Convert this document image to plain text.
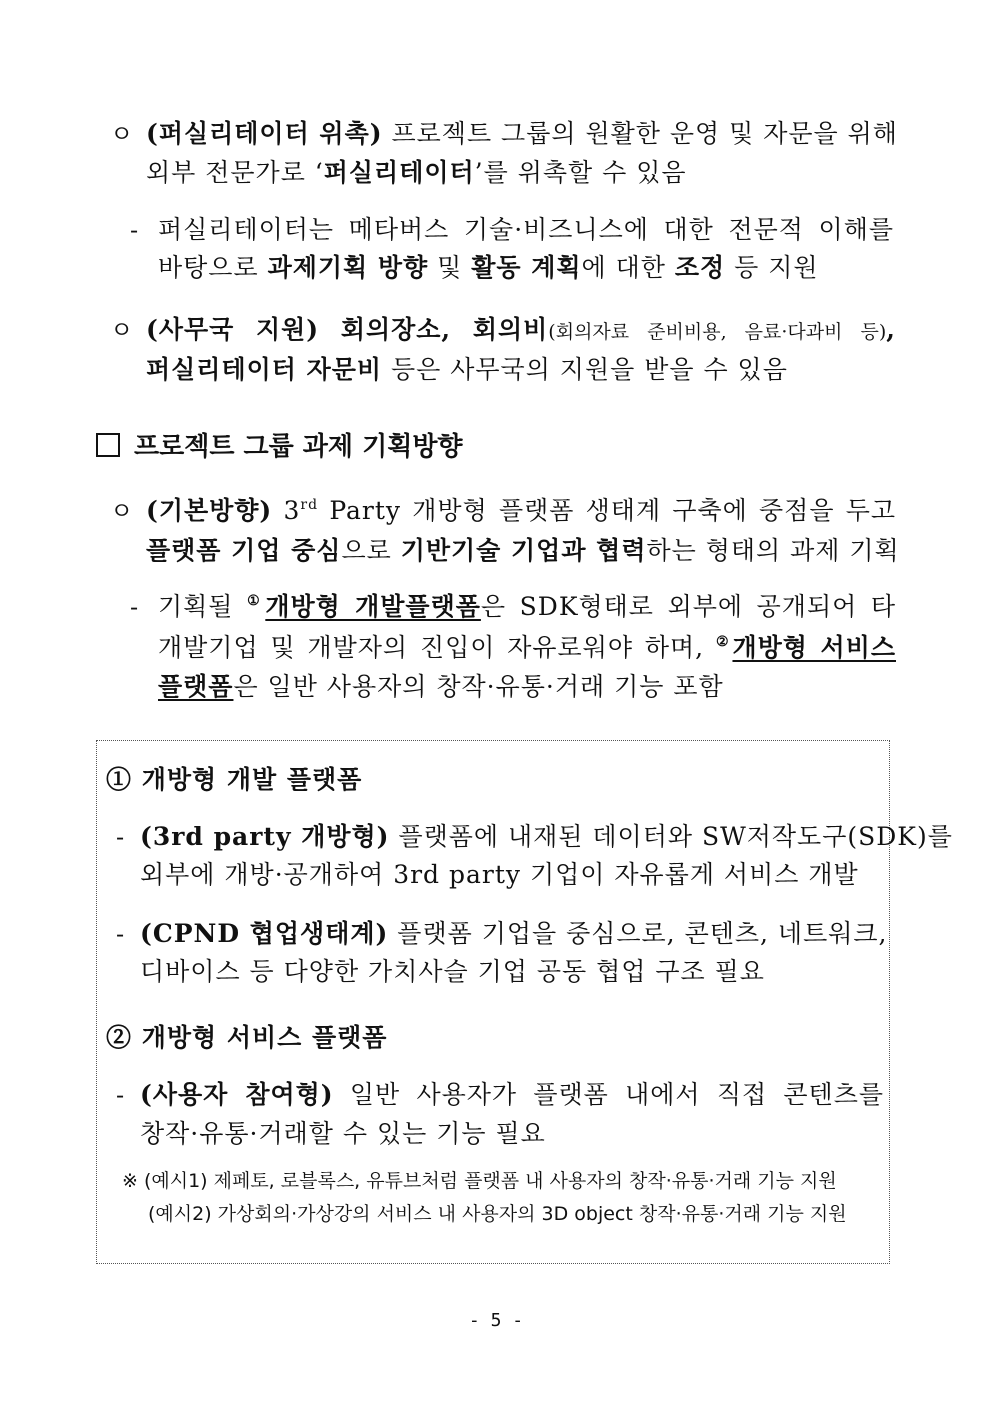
ㅇ (퍼실리테이터 위촉) 프로젝트 그룹의 원활한 운영 및 자문을 위해
외부 전문가로 ‘퍼실리테이터’를 위촉할 수 있음
- 퍼실리테이터는 메타버스 기술·비즈니스에 대한 전문적 이해를
바탕으로 과제기획 방향 및 활동 계획에 대한 조정 등 지원
ㅇ (사무국 지원) 회의장소, 회의비(회의자료 준비비용, 음료·다과비 등),
퍼실리테이터 자문비 등은 사무국의 지원을 받을 수 있음
프로젝트 그룹 과제 기획방향
ㅇ (기본방향) 3rd Party 개방형 플랫폼 생태계 구축에 중점을 두고
플랫폼 기업 중심으로 기반기술 기업과 협력하는 형태의 과제 기획
- 기획될 ①개방형 개발플랫폼은 SDK형태로 외부에 공개되어 타
개발기업 및 개발자의 진입이 자유로워야 하며, ②개방형 서비스
플랫폼은 일반 사용자의 창작·유통·거래 기능 포함
① 개방형 개발 플랫폼
- (3rd party 개방형) 플랫폼에 내재된 데이터와 SW저작도구(SDK)를
외부에 개방·공개하여 3rd party 기업이 자유롭게 서비스 개발
- (CPND 협업생태계) 플랫폼 기업을 중심으로, 콘텐츠, 네트워크,
디바이스 등 다양한 가치사슬 기업 공동 협업 구조 필요
② 개방형 서비스 플랫폼
- (사용자 참여형) 일반 사용자가 플랫폼 내에서 직접 콘텐츠를
창작·유통·거래할 수 있는 기능 필요
※ (예시1) 제페토, 로블록스, 유튜브처럼 플랫폼 내 사용자의 창작·유통·거래 기능 지원
(예시2) 가상회의·가상강의 서비스 내 사용자의 3D object 창작·유통·거래 기능 지원
- 5 -
